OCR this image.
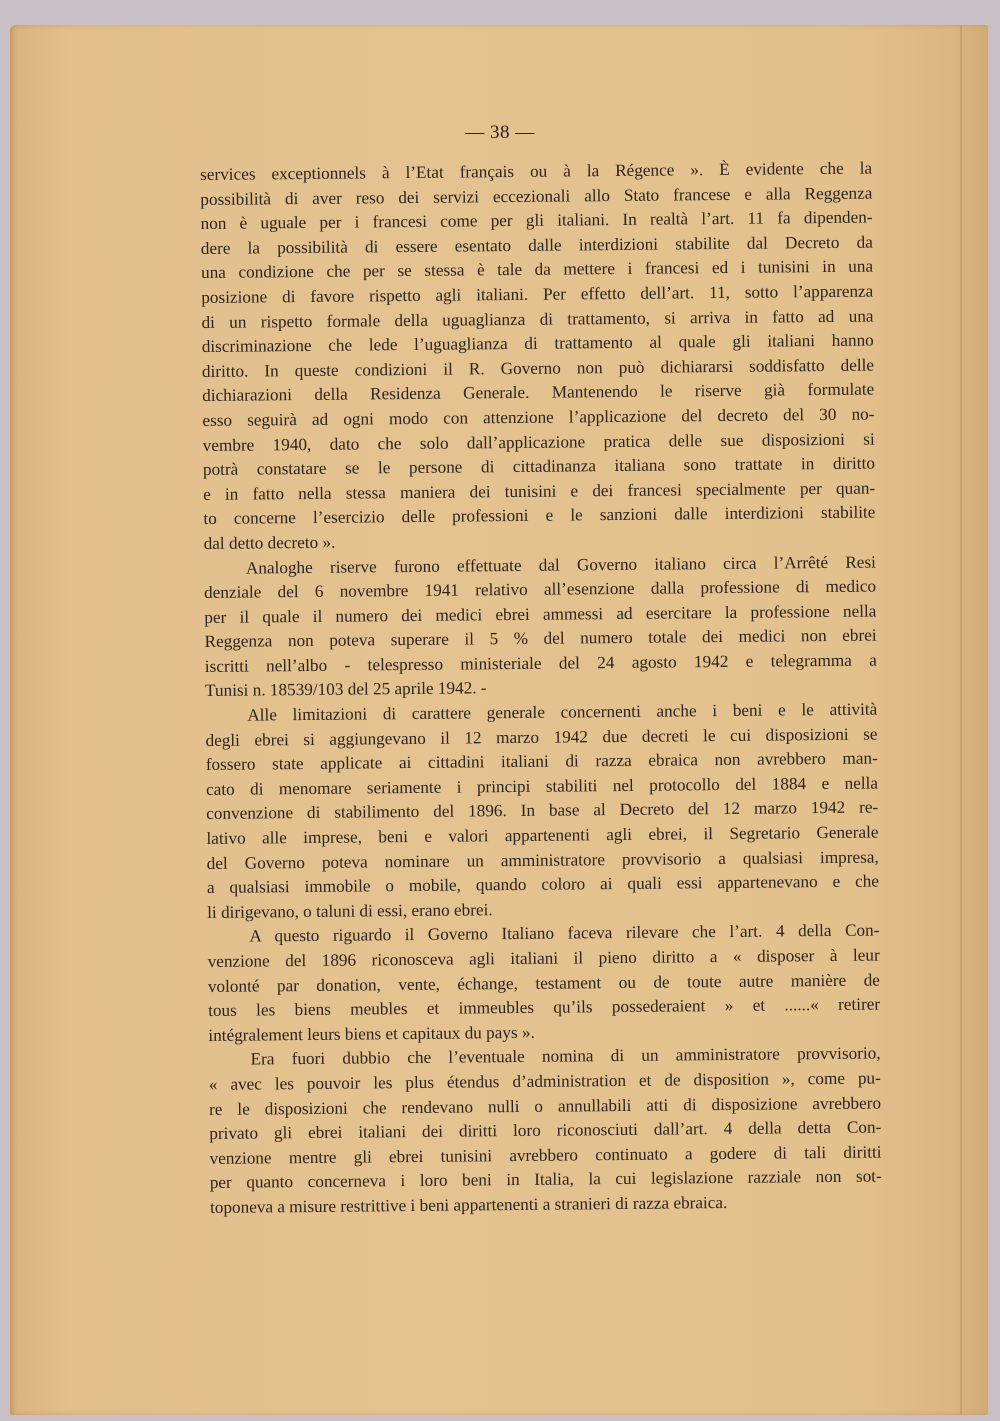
— 38 —
services exceptionnels à l’Etat français ou à la Régence ». È evidente che la
possibilità di aver reso dei servizi eccezionali allo Stato francese e alla Reggenza
non è uguale per i francesi come per gli italiani. In realtà l’art. 11 fa dipenden-
dere la possibilità di essere esentato dalle interdizioni stabilite dal Decreto da
una condizione che per se stessa è tale da mettere i francesi ed i tunisini in una
posizione di favore rispetto agli italiani. Per effetto dell’art. 11, sotto l’apparenza
di un rispetto formale della uguaglianza di trattamento, si arriva in fatto ad una
discriminazione che lede l’uguaglianza di trattamento al quale gli italiani hanno
diritto. In queste condizioni il R. Governo non può dichiararsi soddisfatto delle
dichiarazioni della Residenza Generale. Mantenendo le riserve già formulate
esso seguirà ad ogni modo con attenzione l’applicazione del decreto del 30 no-
vembre 1940, dato che solo dall’applicazione pratica delle sue disposizioni si
potrà constatare se le persone di cittadinanza italiana sono trattate in diritto
e in fatto nella stessa maniera dei tunisini e dei francesi specialmente per quan-
to concerne l’esercizio delle professioni e le sanzioni dalle interdizioni stabilite
dal detto decreto ».
Analoghe riserve furono effettuate dal Governo italiano circa l’Arrêté Resi
denziale del 6 novembre 1941 relativo all’esenzione dalla professione di medico
per il quale il numero dei medici ebrei ammessi ad esercitare la professione nella
Reggenza non poteva superare il 5 % del numero totale dei medici non ebrei
iscritti nell’albo - telespresso ministeriale del 24 agosto 1942 e telegramma a
Tunisi n. 18539/103 del 25 aprile 1942. -
Alle limitazioni di carattere generale concernenti anche i beni e le attività
degli ebrei si aggiungevano il 12 marzo 1942 due decreti le cui disposizioni se
fossero state applicate ai cittadini italiani di razza ebraica non avrebbero man-
cato di menomare seriamente i principi stabiliti nel protocollo del 1884 e nella
convenzione di stabilimento del 1896. In base al Decreto del 12 marzo 1942 re-
lativo alle imprese, beni e valori appartenenti agli ebrei, il Segretario Generale
del Governo poteva nominare un amministratore provvisorio a qualsiasi impresa,
a qualsiasi immobile o mobile, quando coloro ai quali essi appartenevano e che
li dirigevano, o taluni di essi, erano ebrei.
A questo riguardo il Governo Italiano faceva rilevare che l’art. 4 della Con-
venzione del 1896 riconosceva agli italiani il pieno diritto a « disposer à leur
volonté par donation, vente, échange, testament ou de toute autre manière de
tous les biens meubles et immeubles qu’ils possederaient » et ......« retirer
intégralement leurs biens et capitaux du pays ».
Era fuori dubbio che l’eventuale nomina di un amministratore provvisorio,
« avec les pouvoir les plus étendus d’administration et de disposition », come pu-
re le disposizioni che rendevano nulli o annullabili atti di disposizione avrebbero
privato gli ebrei italiani dei diritti loro riconosciuti dall’art. 4 della detta Con-
venzione mentre gli ebrei tunisini avrebbero continuato a godere di tali diritti
per quanto concerneva i loro beni in Italia, la cui legislazione razziale non sot-
toponeva a misure restrittive i beni appartenenti a stranieri di razza ebraica.
